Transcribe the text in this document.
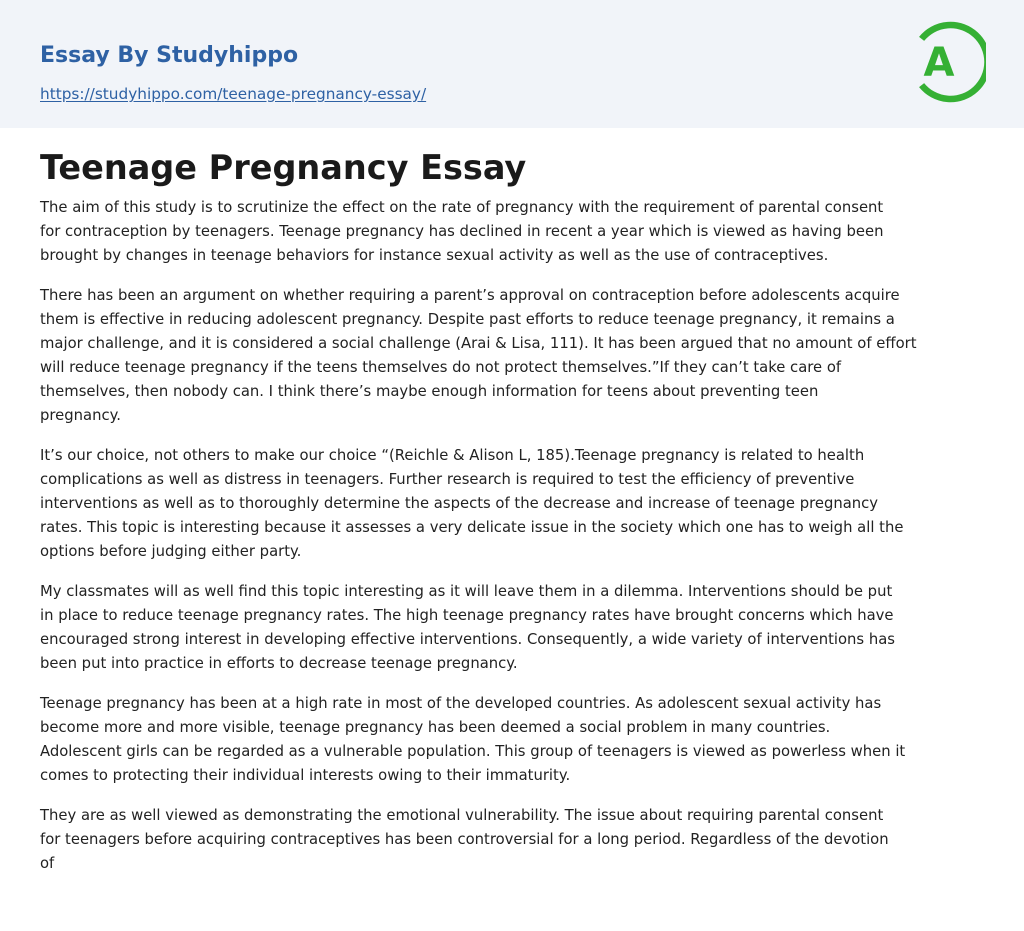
Essay By Studyhippo
https://studyhippo.com/teenage-pregnancy-essay/
A
Teenage Pregnancy Essay

The aim of this study is to scrutinize the effect on the rate of pregnancy with the requirement of parental consent
for contraception by teenagers. Teenage pregnancy has declined in recent a year which is viewed as having been
brought by changes in teenage behaviors for instance sexual activity as well as the use of contraceptives.

There has been an argument on whether requiring a parent’s approval on contraception before adolescents acquire
them is effective in reducing adolescent pregnancy. Despite past efforts to reduce teenage pregnancy, it remains a
major challenge, and it is considered a social challenge (Arai & Lisa, 111). It has been argued that no amount of effort
will reduce teenage pregnancy if the teens themselves do not protect themselves.”If they can’t take care of
themselves, then nobody can. I think there’s maybe enough information for teens about preventing teen
pregnancy.

It’s our choice, not others to make our choice “(Reichle & Alison L, 185).Teenage pregnancy is related to health
complications as well as distress in teenagers. Further research is required to test the efficiency of preventive
interventions as well as to thoroughly determine the aspects of the decrease and increase of teenage pregnancy
rates. This topic is interesting because it assesses a very delicate issue in the society which one has to weigh all the
options before judging either party.

My classmates will as well find this topic interesting as it will leave them in a dilemma. Interventions should be put
in place to reduce teenage pregnancy rates. The high teenage pregnancy rates have brought concerns which have
encouraged strong interest in developing effective interventions. Consequently, a wide variety of interventions has
been put into practice in efforts to decrease teenage pregnancy.

Teenage pregnancy has been at a high rate in most of the developed countries. As adolescent sexual activity has
become more and more visible, teenage pregnancy has been deemed a social problem in many countries.
Adolescent girls can be regarded as a vulnerable population. This group of teenagers is viewed as powerless when it
comes to protecting their individual interests owing to their immaturity.

They are as well viewed as demonstrating the emotional vulnerability. The issue about requiring parental consent
for teenagers before acquiring contraceptives has been controversial for a long period. Regardless of the devotion
of
